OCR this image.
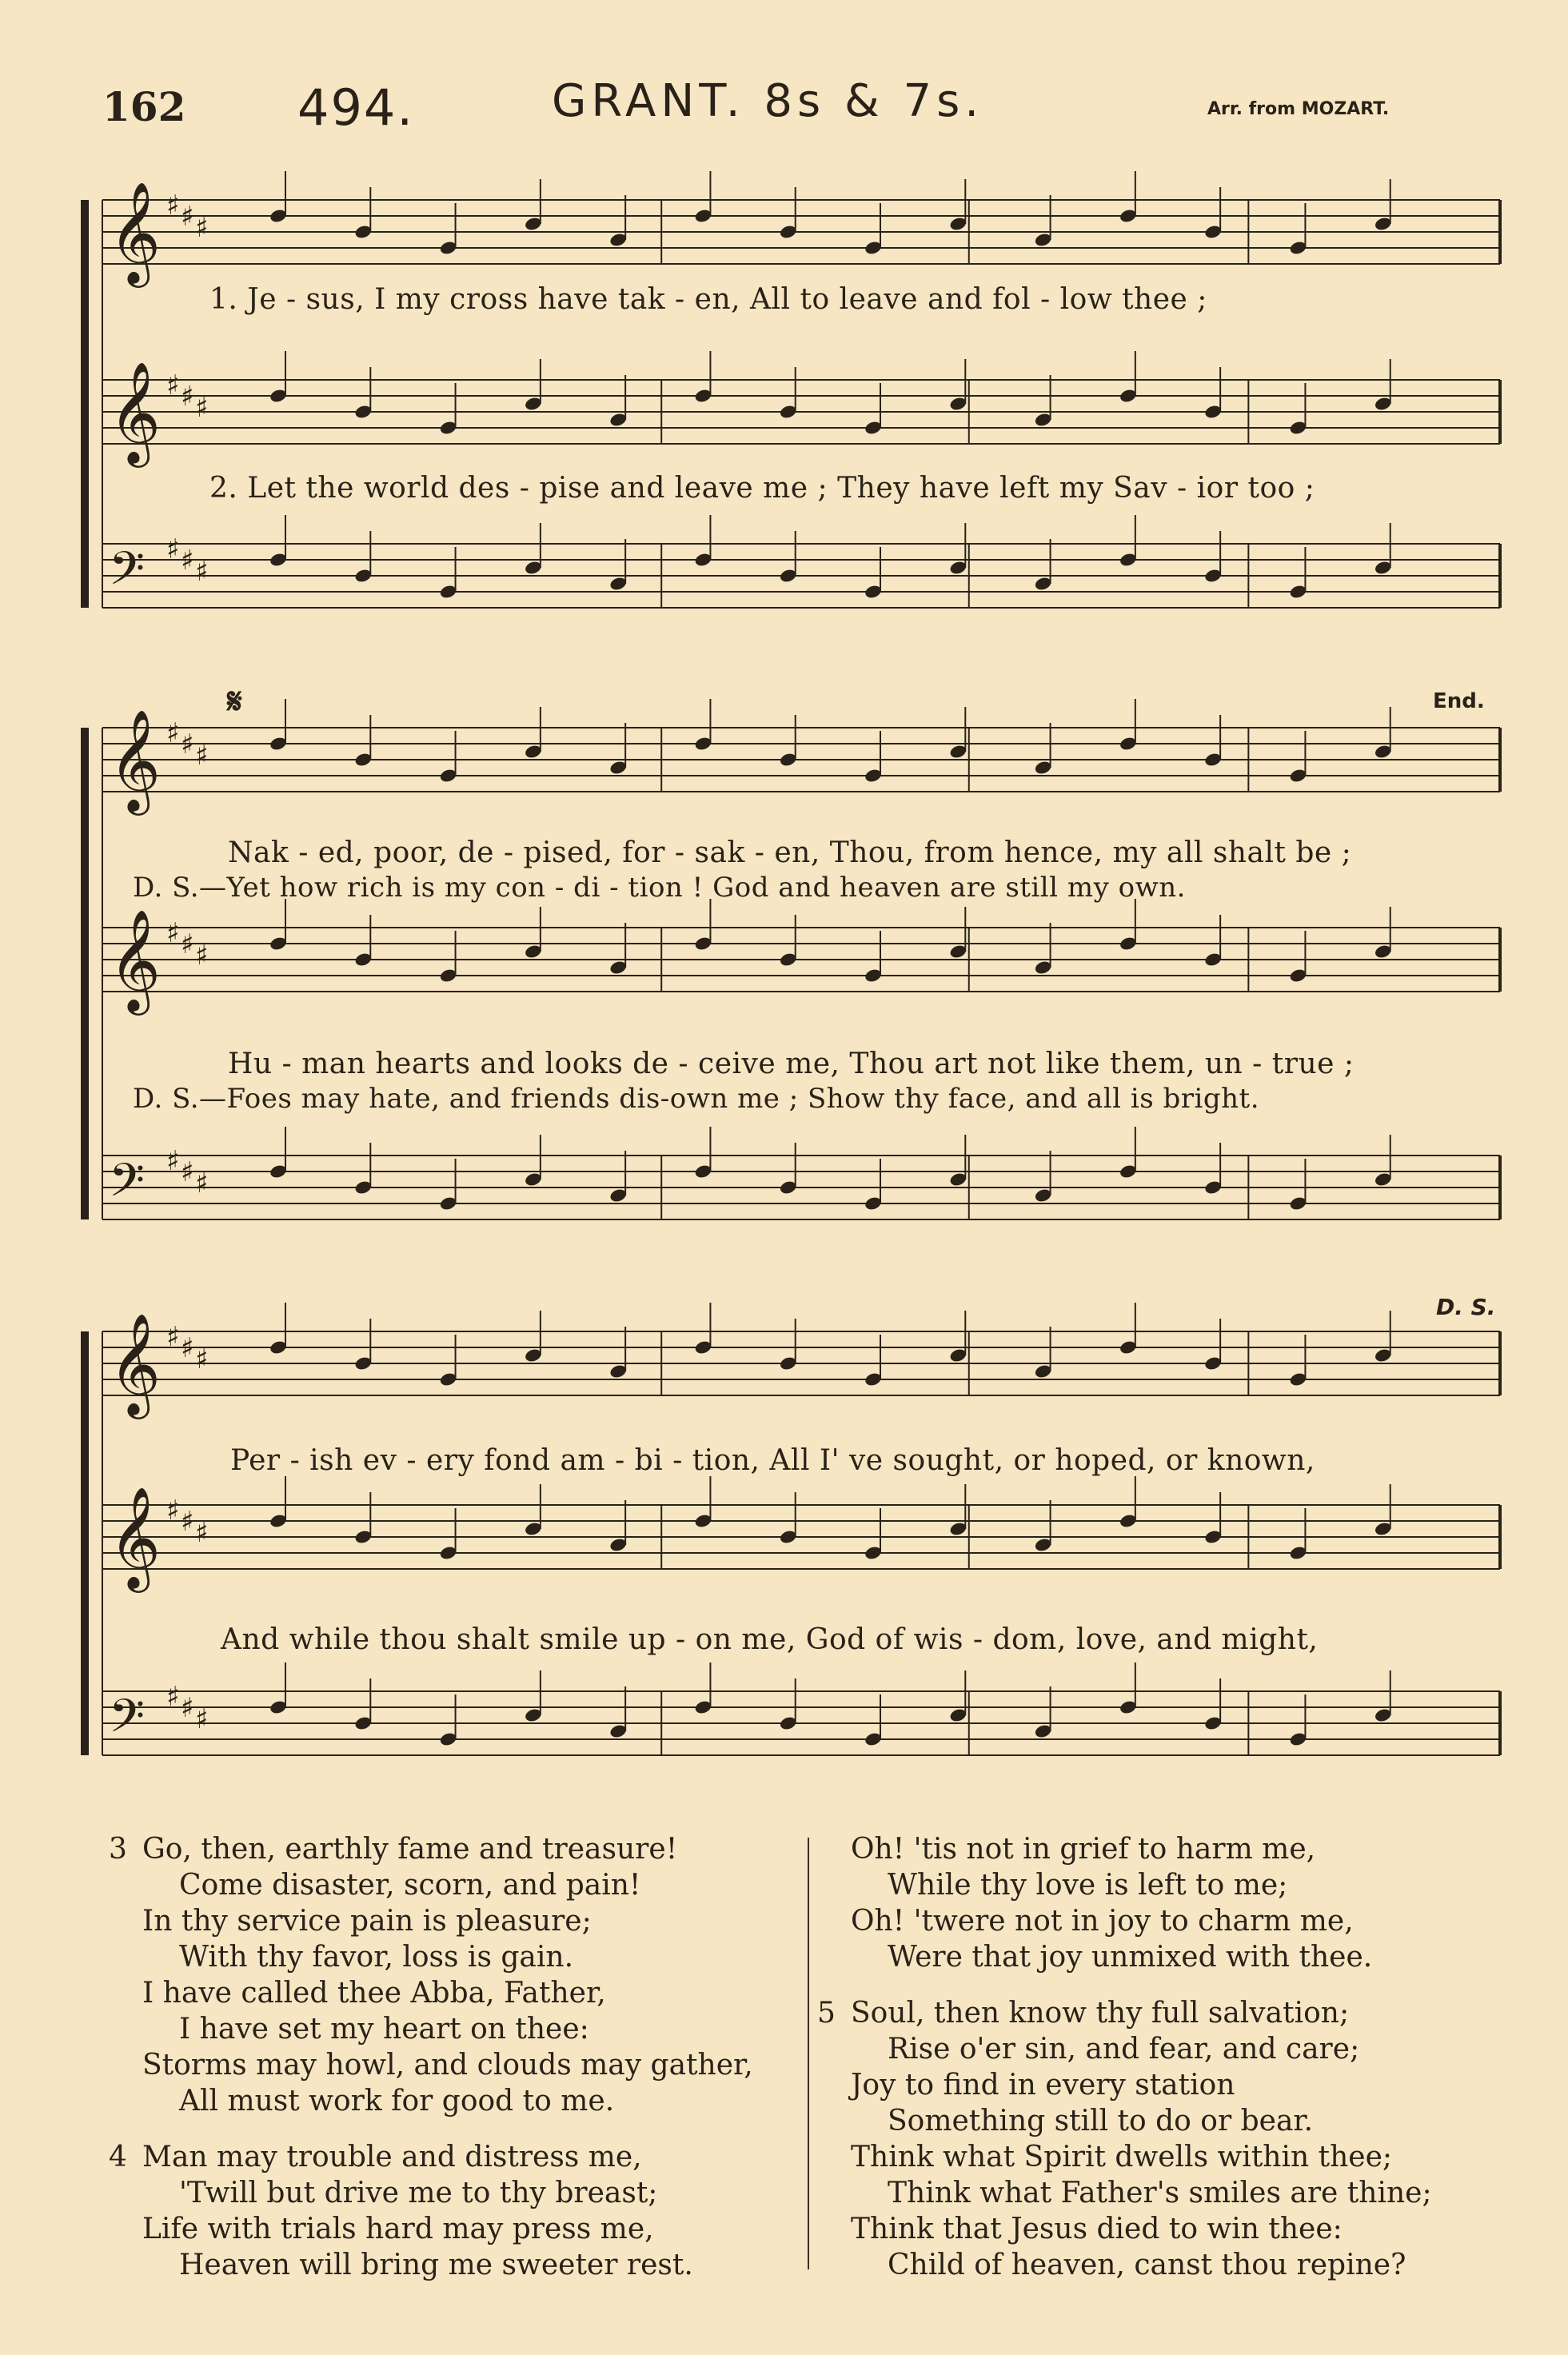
162 494.	GRANT. 8s & 7s.	Arr. from MOZART.
𝄞 ♯ ♯ ♯
𝄞 ♯ ♯ ♯
𝄢 ♯ ♯ ♯
1. Je - sus, I my cross have tak - en, All to leave and fol - low thee ;
2. Let the world des - pise and leave me ; They have left my Sav - ior too ;
𝄞 ♯ ♯ ♯
𝄞 ♯ ♯ ♯
𝄢 ♯ ♯ ♯
𝄋	End.
Nak - ed, poor, de - pised, for - sak - en, Thou, from hence, my all shalt be ;
D. S.—Yet how rich is my con - di - tion ! God and heaven are still my own.
Hu - man hearts and looks de - ceive me, Thou art not like them, un - true ;
D. S.—Foes may hate, and friends dis-own me ; Show thy face, and all is bright.
𝄞 ♯ ♯ ♯
𝄞 ♯ ♯ ♯
𝄢 ♯ ♯ ♯
D. S.
Per - ish ev - ery fond am - bi - tion, All I' ve sought, or hoped, or known,
And while thou shalt smile up - on me, God of wis - dom, love, and might,
3 Go, then, earthly fame and treasure!
Come disaster, scorn, and pain!
In thy service pain is pleasure;
With thy favor, loss is gain.
I have called thee Abba, Father,
I have set my heart on thee:
Storms may howl, and clouds may gather,
All must work for good to me.
4 Man may trouble and distress me,
'Twill but drive me to thy breast;
Life with trials hard may press me,
Heaven will bring me sweeter rest.
Oh! 'tis not in grief to harm me,
While thy love is left to me;
Oh! 'twere not in joy to charm me,
Were that joy unmixed with thee.
5 Soul, then know thy full salvation;
Rise o'er sin, and fear, and care;
Joy to find in every station
Something still to do or bear.
Think what Spirit dwells within thee;
Think what Father's smiles are thine;
Think that Jesus died to win thee:
Child of heaven, canst thou repine?
